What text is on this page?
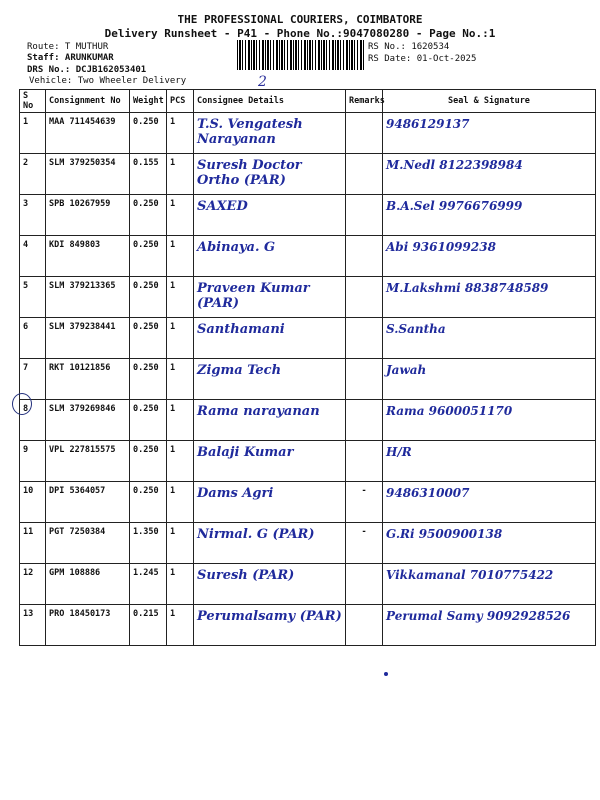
THE PROFESSIONAL COURIERS, COIMBATORE
Delivery Runsheet - P41 - Phone No.:9047080280 - Page No.:1
Route: T MUTHUR
Staff: ARUNKUMAR
DRS No.: DCJB162053401
Vehicle: Two Wheeler Delivery	2
RS No.: 1620534
RS Date: 01-Oct-2025
S No	Consignment No	Weight	PCS	Consignee Details	Remarks	Seal & Signature
1	MAA 711454639	0.250	1	T.S. Vengatesh Narayanan		9486129137
2	SLM 379250354	0.155	1	Suresh Doctor Ortho (PAR)		M.Nedl 8122398984
3	SPB 10267959	0.250	1	SAXED		B.A.Sel 9976676999
4	KDI 849803	0.250	1	Abinaya. G		Abi 9361099238
5	SLM 379213365	0.250	1	Praveen Kumar (PAR)		M.Lakshmi 8838748589
6	SLM 379238441	0.250	1	Santhamani		S.Santha
7	RKT 10121856	0.250	1	Zigma Tech		Jawah
8	SLM 379269846	0.250	1	Rama narayanan		Rama 9600051170
9	VPL 227815575	0.250	1	Balaji Kumar		H/R
10	DPI 5364057	0.250	1	Dams Agri	-	9486310007
11	PGT 7250384	1.350	1	Nirmal. G (PAR)	-	G.Ri 9500900138
12	GPM 108886	1.245	1	Suresh (PAR)		Vikkamanal 7010775422
13	PRO 18450173	0.215	1	Perumalsamy (PAR)		Perumal Samy 9092928526
